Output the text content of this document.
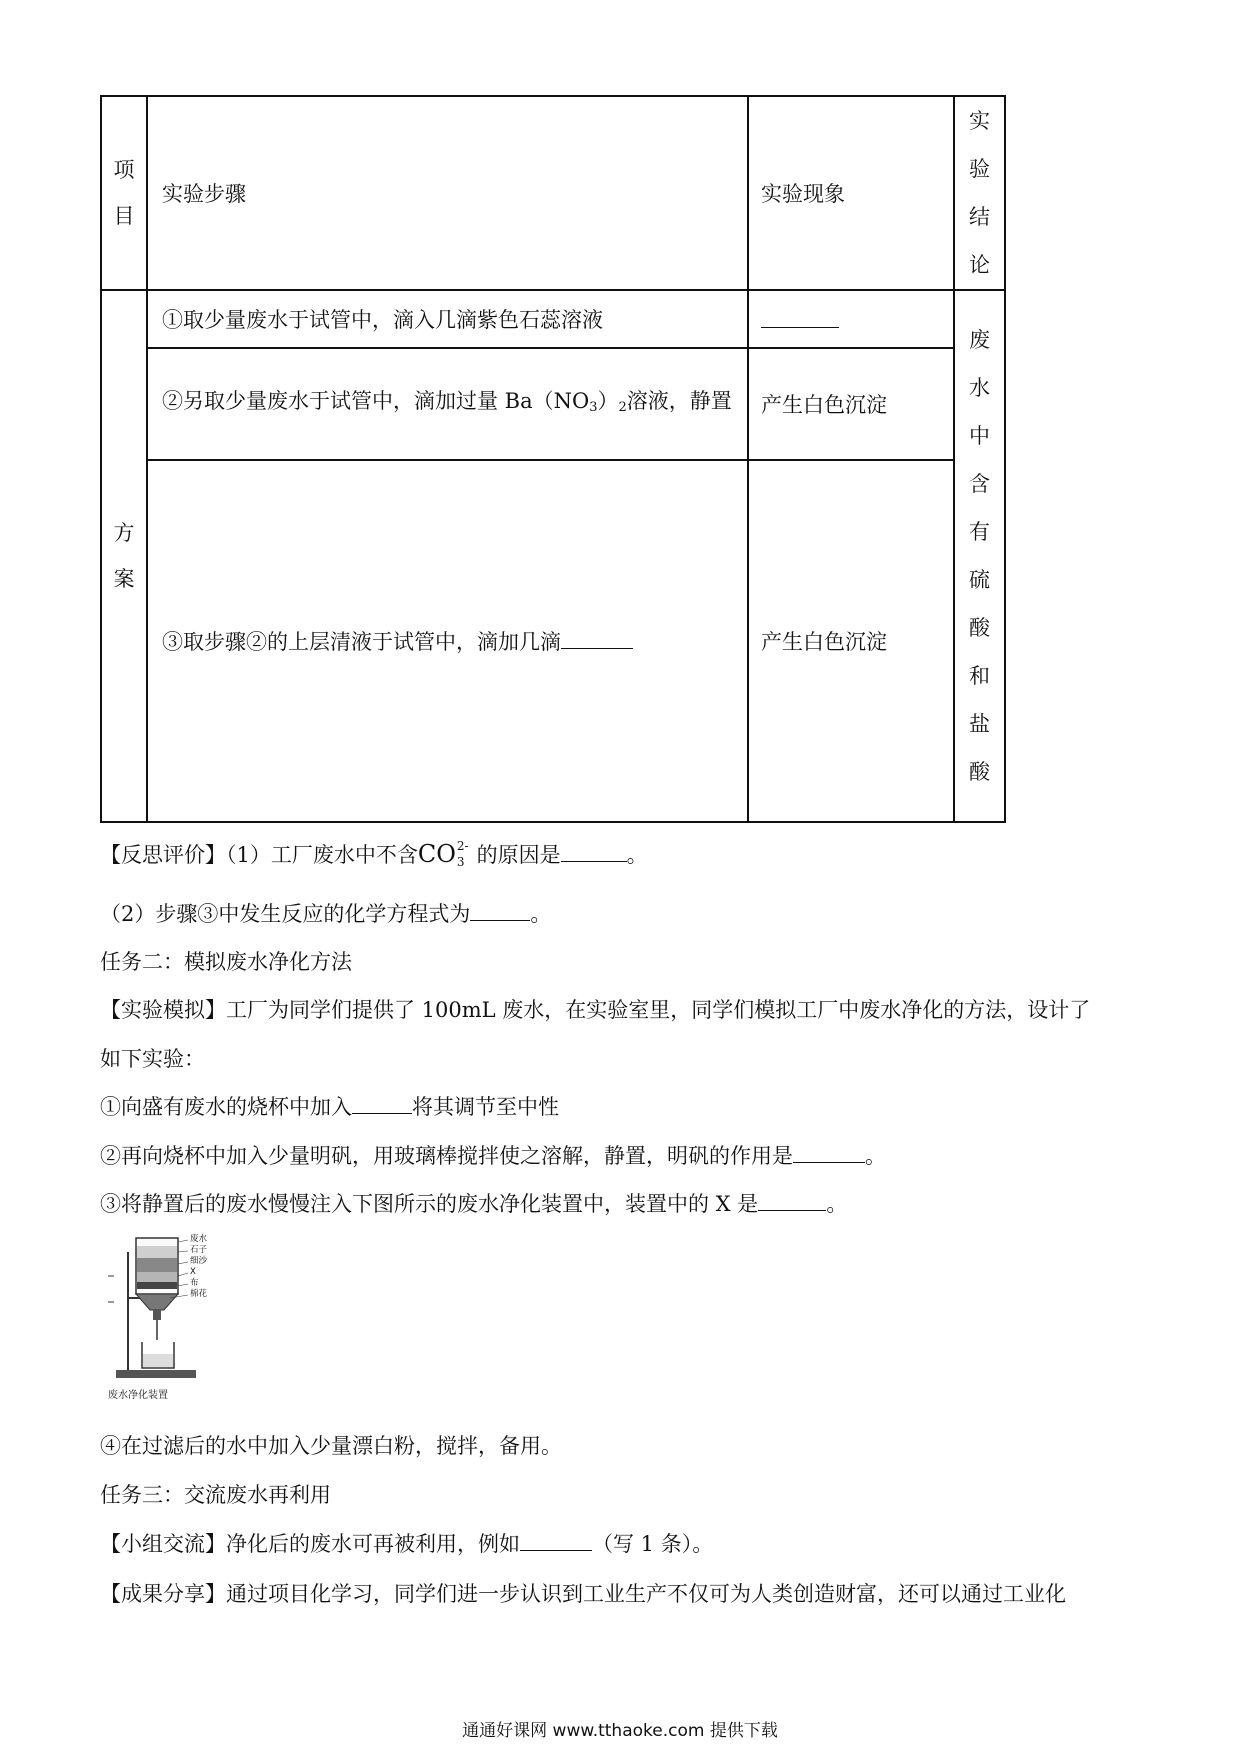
项目	实验步骤	实验现象	实验结论
方案	①取少量废水于试管中，滴入几滴紫色石蕊溶液		废水中含有硫酸和盐酸
	②另取少量废水于试管中，滴加过量 $Ba(NO_3)_2$溶液，静置	产生白色沉淀	
	③取步骤②的上层清液于试管中，滴加几滴	产生白色沉淀	
【反思评价】（1）工厂废水中不含CO 2-
3 的原因是	。
（2）步骤③中发生反应的化学方程式为	。
任务二：模拟废水净化方法
【实验模拟】工厂为同学们提供了 100mL 废水，在实验室里，同学们模拟工厂中废水净化的方法，设计了
如下实验：
①向盛有废水的烧杯中加入	将其调节至中性
②再向烧杯中加入少量明矾，用玻璃棒搅拌使之溶解，静置，明矾的作用是	。
③将静置后的废水慢慢注入下图所示的废水净化装置中，装置中的 X 是	。
废水
石子
细沙
X
布
棉花
废水净化装置
④在过滤后的水中加入少量漂白粉，搅拌，备用。
任务三：交流废水再利用
【小组交流】净化后的废水可再被利用，例如	（写 1 条）。
【成果分享】通过项目化学习，同学们进一步认识到工业生产不仅可为人类创造财富，还可以通过工业化
通通好课网 www.tthaoke.com 提供下载
